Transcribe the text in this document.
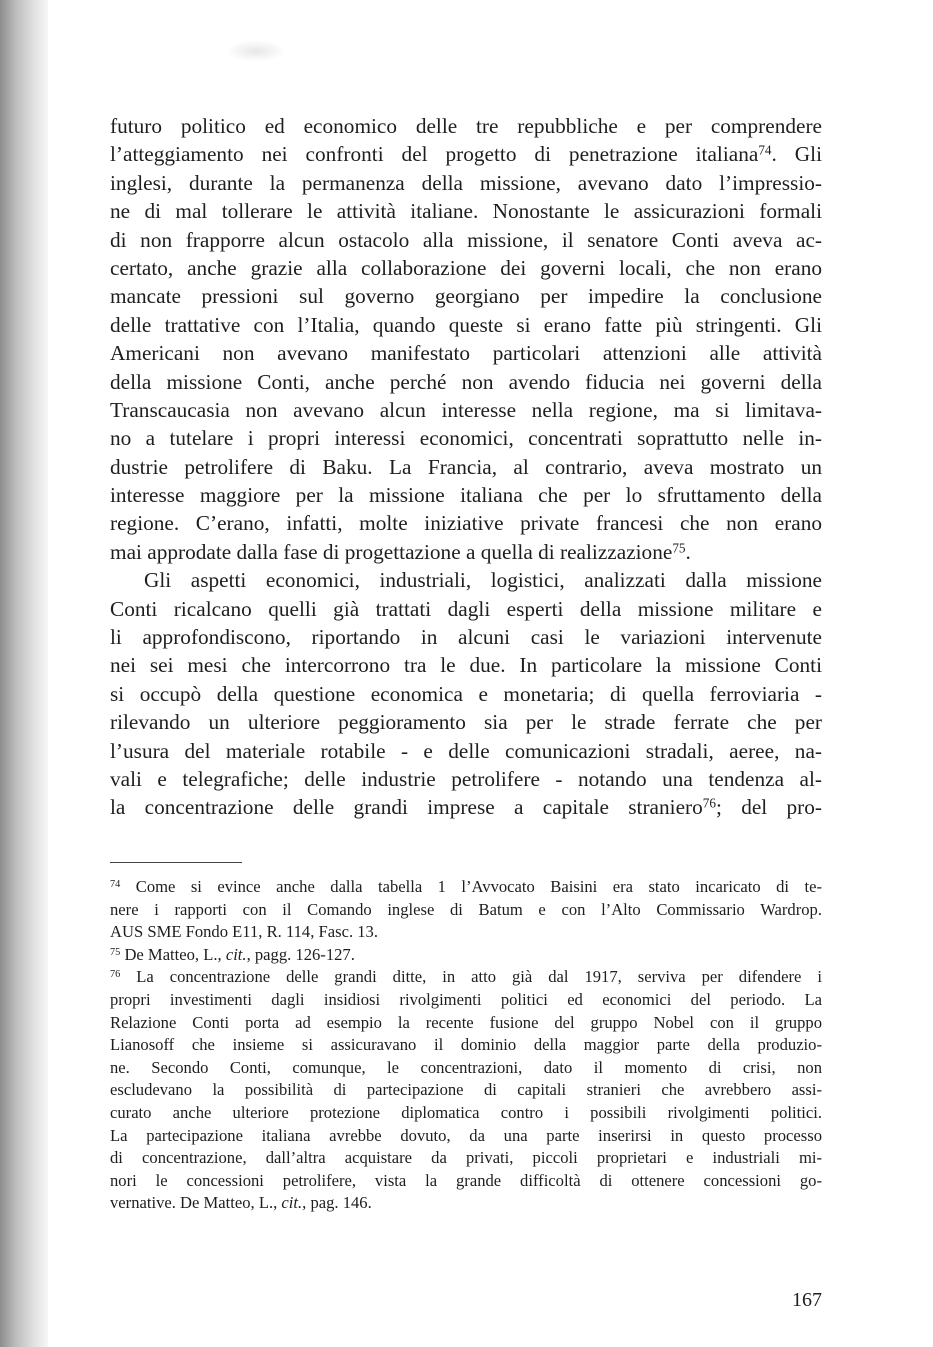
futuro politico ed economico delle tre repubbliche e per comprendere
l’atteggiamento nei confronti del progetto di penetrazione italiana$^{74}$. Gli
inglesi, durante la permanenza della missione, avevano dato l’impressio-
ne di mal tollerare le attività italiane. Nonostante le assicurazioni formali
di non frapporre alcun ostacolo alla missione, il senatore Conti aveva ac-
certato, anche grazie alla collaborazione dei governi locali, che non erano
mancate pressioni sul governo georgiano per impedire la conclusione
delle trattative con l’Italia, quando queste si erano fatte più stringenti. Gli
Americani non avevano manifestato particolari attenzioni alle attività
della missione Conti, anche perché non avendo fiducia nei governi della
Transcaucasia non avevano alcun interesse nella regione, ma si limitava-
no a tutelare i propri interessi economici, concentrati soprattutto nelle in-
dustrie petrolifere di Baku. La Francia, al contrario, aveva mostrato un
interesse maggiore per la missione italiana che per lo sfruttamento della
regione. C’erano, infatti, molte iniziative private francesi che non erano
mai approdate dalla fase di progettazione a quella di realizzazione$^{75}$.
Gli aspetti economici, industriali, logistici, analizzati dalla missione
Conti ricalcano quelli già trattati dagli esperti della missione militare e
li approfondiscono, riportando in alcuni casi le variazioni intervenute
nei sei mesi che intercorrono tra le due. In particolare la missione Conti
si occupò della questione economica e monetaria; di quella ferroviaria -
rilevando un ulteriore peggioramento sia per le strade ferrate che per
l’usura del materiale rotabile - e delle comunicazioni stradali, aeree, na-
vali e telegrafiche; delle industrie petrolifere - notando una tendenza al-
la concentrazione delle grandi imprese a capitale straniero$^{76}$; del pro-
$^{74}$ Come si evince anche dalla tabella 1 l’Avvocato Baisini era stato incaricato di te-
nere i rapporti con il Comando inglese di Batum e con l’Alto Commissario Wardrop.
AUS SME Fondo E11, R. 114, Fasc. 13.
$^{75}$ De Matteo, L., cit., pagg. 126-127.
$^{76}$ La concentrazione delle grandi ditte, in atto già dal 1917, serviva per difendere i
propri investimenti dagli insidiosi rivolgimenti politici ed economici del periodo. La
Relazione Conti porta ad esempio la recente fusione del gruppo Nobel con il gruppo
Lianosoff che insieme si assicuravano il dominio della maggior parte della produzio-
ne. Secondo Conti, comunque, le concentrazioni, dato il momento di crisi, non
escludevano la possibilità di partecipazione di capitali stranieri che avrebbero assi-
curato anche ulteriore protezione diplomatica contro i possibili rivolgimenti politici.
La partecipazione italiana avrebbe dovuto, da una parte inserirsi in questo processo
di concentrazione, dall’altra acquistare da privati, piccoli proprietari e industriali mi-
nori le concessioni petrolifere, vista la grande difficoltà di ottenere concessioni go-
vernative. De Matteo, L., cit., pag. 146.
167
